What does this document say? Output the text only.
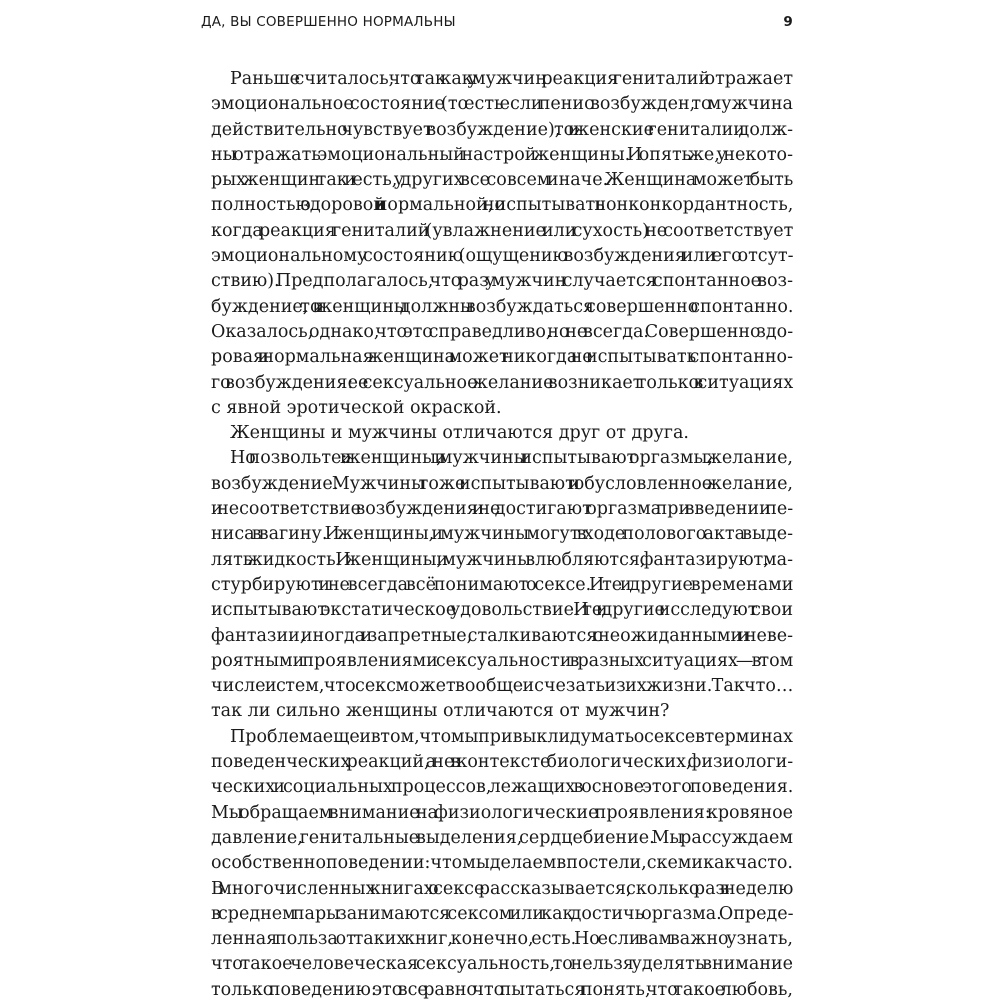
ДА, ВЫ СОВЕРШЕННО НОРМАЛЬНЫ	9

Раньше считалось, что так как у мужчин реакция гениталий отражает
эмоциональное состояние (то есть если пенис возбужден, то мужчина
действительно чувствует возбуждение), то и женские гениталии долж-
ны отражать эмоциональный настрой женщины. И опять же, у некото-
рых женщин так и есть, у других все совсем иначе. Женщина может быть
полностью здоровой и нормальной, но испытывать нонконкордантность,
когда реакция гениталий (увлажнение или сухость) не соответствует
эмоциональному состоянию (ощущению возбуждения или его отсут-
ствию). Предполагалось, что раз у мужчин случается спонтанное воз-
буждение, то и женщины должны возбуждаться совершенно спонтанно.
Оказалось, однако, что это справедливо, но не всегда. Совершенно здо-
ровая и нормальная женщина может никогда не испытывать спонтанно-
го возбуждения: ее сексуальное желание возникает только в ситуациях
с явной эротической окраской.

Женщины и мужчины отличаются друг от друга.

Но позвольте: и женщины, и мужчины испытывают оргазмы, желание,
возбуждение. Мужчины тоже испытывают и обусловленное желание,
и несоответствие возбуждения и не достигают оргазма при введении пе-
ниса в вагину. И женщины, и мужчины могут в ходе полового акта выде-
лять жидкость. И женщины, и мужчины влюбляются, фантазируют, ма-
стурбируют и не всегда всё понимают о сексе. И те и другие временами
испытывают экстатическое удовольствие. И те и другие исследуют свои
фантазии, иногда и запретные, сталкиваются с неожиданными и неве-
роятными проявлениями сексуальности в разных ситуациях — в том
числе и с тем, что секс может вообще исчезать из их жизни. Так что…
так ли сильно женщины отличаются от мужчин?

Проблема еще и в том, что мы привыкли думать о сексе в терминах
поведенческих реакций, а не в контексте биологических, физиологи-
ческих и социальных процессов, лежащих в основе этого поведения.
Мы обращаем внимание на физиологические проявления: кровяное
давление, генитальные выделения, сердцебиение. Мы рассуждаем
о собственно поведении: что мы делаем в постели, с кем и как часто.
В многочисленных книгах о сексе рассказывается, сколько раз в неделю
в среднем пары занимаются сексом или как достичь оргазма. Опреде-
ленная польза от таких книг, конечно, есть. Но если вам важно узнать,
что такое человеческая сексуальность, то нельзя уделять внимание
только поведению: это все равно что пытаться понять, что такое любовь,
